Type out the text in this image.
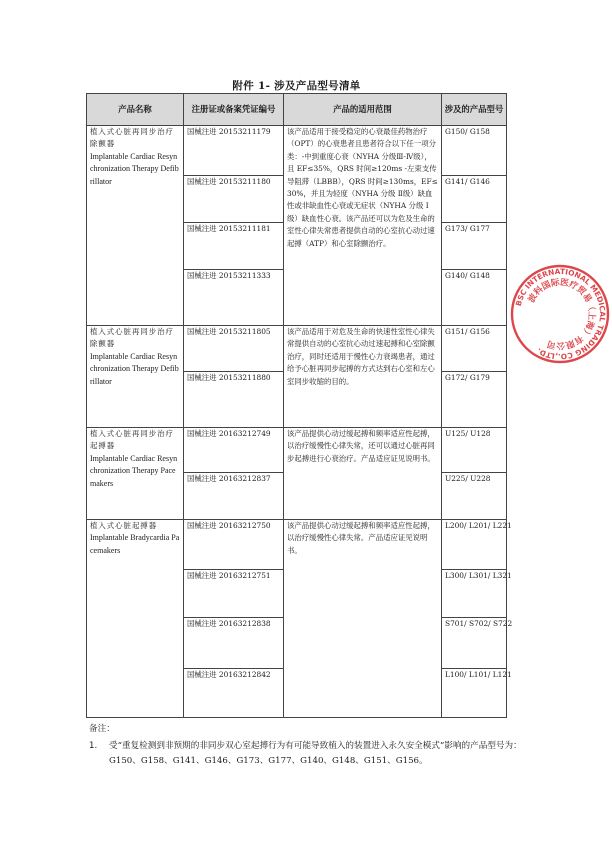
附件 1- 涉及产品型号清单
产品名称	注册证或备案凭证编号	产品的适用范围	涉及的产品型号

植入式心脏再同步治疗除颤器
Implantable Cardiac Resynchronization Therapy Defibrillator	国械注进 20153211179	该产品适用于接受稳定的心衰最佳药物治疗（OPT）的心衰患者且患者符合以下任一项分类：-中到重度心衰（NYHA 分级Ⅲ-Ⅳ级），且 EF≤35%，QRS 时间≥120ms -左束支传导阻滞（LBBB），QRS 时间≥130ms，EF≤30%，并且为轻度（NYHA 分级 Ⅱ级）缺血性或非缺血性心衰或无症状（NYHA 分级 Ⅰ级）缺血性心衰。该产品还可以为危及生命的室性心律失常患者提供自动的心室抗心动过速起搏（ATP）和心室除颤治疗。	G150/ G158
	国械注进 20153211180		G141/ G146
	国械注进 20153211181		G173/ G177
	国械注进 20153211333		G140/ G148

植入式心脏再同步治疗除颤器
Implantable Cardiac Resynchronization Therapy Defibrillator	国械注进 20153211805	该产品适用于对危及生命的快速性室性心律失常提供自动的心室抗心动过速起搏和心室除颤治疗，同时还适用于慢性心力衰竭患者，通过给予心脏再同步起搏的方式达到右心室和左心室同步收缩的目的。	G151/ G156
	国械注进 20153211880		G172/ G179

植入式心脏再同步治疗起搏器
Implantable Cardiac Resynchronization Therapy Pacemakers	国械注进 20163212749	该产品提供心动过缓起搏和频率适应性起搏，以治疗缓慢性心律失常，还可以通过心脏再同步起搏进行心衰治疗。产品适应证见说明书。	U125/ U128
	国械注进 20163212837		U225/ U228

植入式心脏起搏器
Implantable Bradycardia Pacemakers	国械注进 20163212750	该产品提供心动过缓起搏和频率适应性起搏，以治疗缓慢性心律失常。产品适应证见说明书。	L200/ L201/ L221
	国械注进 20163212751		L300/ L301/ L321
	国械注进 20163212838		S701/ S702/ S722
	国械注进 20163212842		L100/ L101/ L121
备注：
1.	受“重复检测到非预期的非同步双心室起搏行为有可能导致植入的装置进入永久安全模式”影响的产品型号为：G150、G158、G141、G146、G173、G177、G140、G148、G151、G156。
BSC INTERNATIONAL MEDICAL TRADING CO.,LTD.
波科国际医疗贸易（上海）有限公司
